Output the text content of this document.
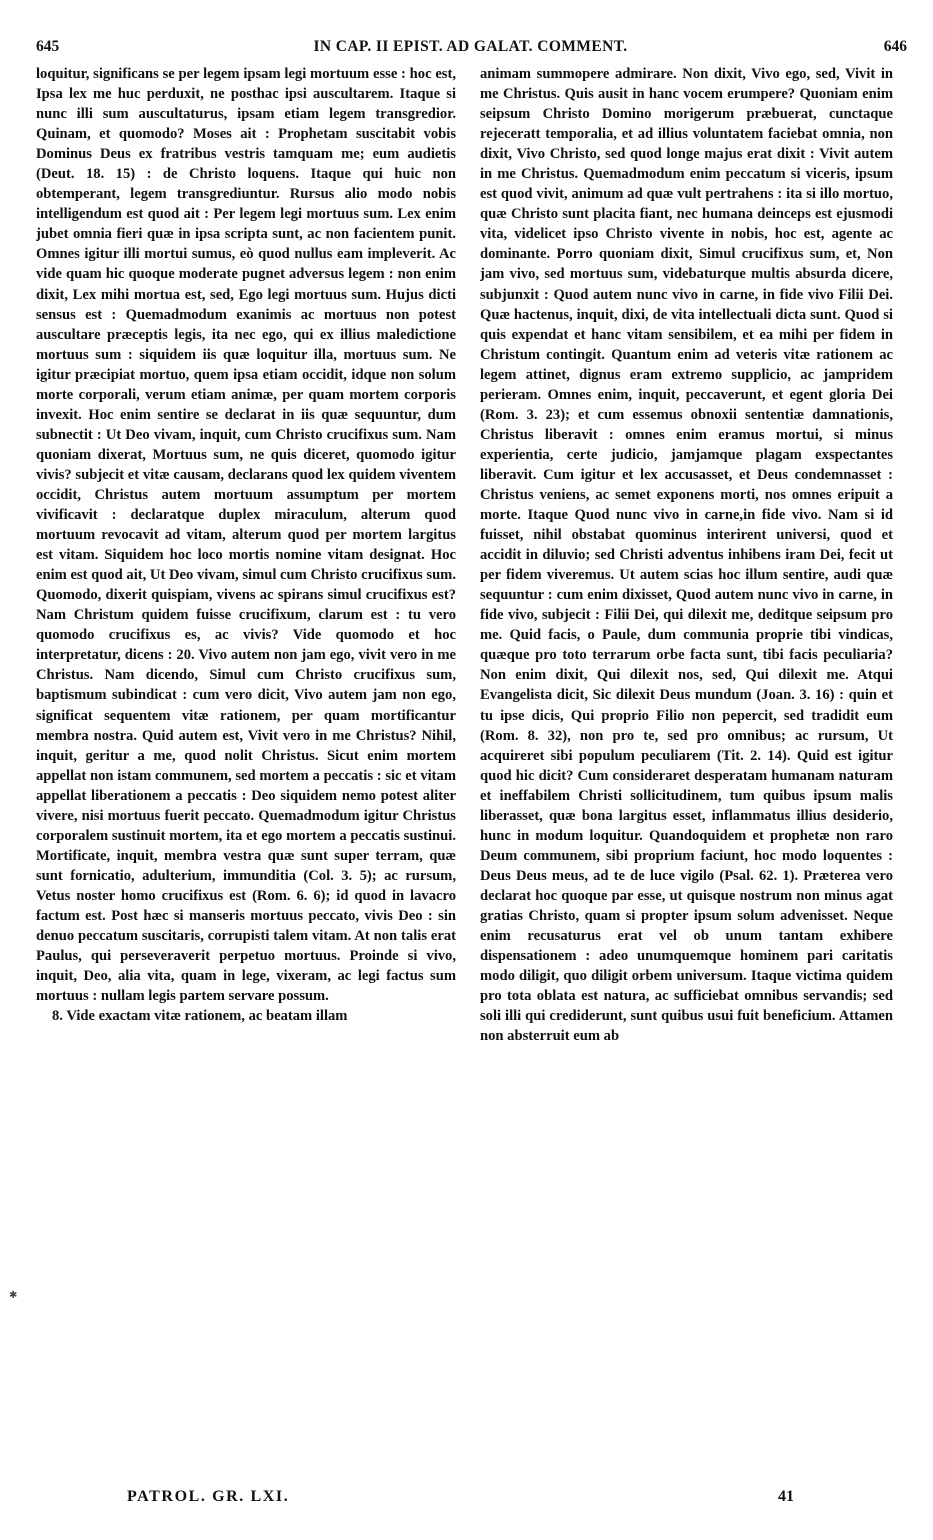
645	IN CAP. II EPIST. AD GALAT. COMMENT.	646

loquitur, significans se per legem ipsam legi mortuum esse : hoc est, Ipsa lex me huc perduxit, ne posthac ipsi auscultarem. Itaque si nunc illi sum auscultaturus, ipsam etiam legem transgredior. Quinam, et quomodo? Moses ait : Prophetam suscitabit vobis Dominus Deus ex fratribus vestris tamquam me; eum audietis (Deut. 18. 15) : de Christo loquens. Itaque qui huic non obtemperant, legem transgrediuntur. Rursus alio modo nobis intelligendum est quod ait : Per legem legi mortuus sum. Lex enim jubet omnia fieri quæ in ipsa scripta sunt, ac non facientem punit. Omnes igitur illi mortui sumus, eò quod nullus eam impleverit. Ac vide quam hic quoque moderate pugnet adversus legem : non enim dixit, Lex mihi mortua est, sed, Ego legi mortuus sum. Hujus dicti sensus est : Quemadmodum exanimis ac mortuus non potest auscultare præceptis legis, ita nec ego, qui ex illius maledictione mortuus sum : siquidem iis quæ loquitur illa, mortuus sum. Ne igitur præcipiat mortuo, quem ipsa etiam occidit, idque non solum morte corporali, verum etiam animæ, per quam mortem corporis invexit. Hoc enim sentire se declarat in iis quæ sequuntur, dum subnectit : Ut Deo vivam, inquit, cum Christo crucifixus sum. Nam quoniam dixerat, Mortuus sum, ne quis diceret, quomodo igitur vivis? subjecit et vitæ causam, declarans quod lex quidem viventem occidit, Christus autem mortuum assumptum per mortem vivificavit : declaratque duplex miraculum, alterum quod mortuum revocavit ad vitam, alterum quod per mortem largitus est vitam. Siquidem hoc loco mortis nomine vitam designat. Hoc enim est quod ait, Ut Deo vivam, simul cum Christo crucifixus sum. Quomodo, dixerit quispiam, vivens ac spirans simul crucifixus est? Nam Christum quidem fuisse crucifixum, clarum est : tu vero quomodo crucifixus es, ac vivis? Vide quomodo et hoc interpretatur, dicens : 20. Vivo autem non jam ego, vivit vero in me Christus. Nam dicendo, Simul cum Christo crucifixus sum, baptismum subindicat : cum vero dicit, Vivo autem jam non ego, significat sequentem vitæ rationem, per quam mortificantur membra nostra. Quid autem est, Vivit vero in me Christus? Nihil, inquit, geritur a me, quod nolit Christus. Sicut enim mortem appellat non istam communem, sed mortem a peccatis : sic et vitam appellat liberationem a peccatis : Deo siquidem nemo potest aliter vivere, nisi mortuus fuerit peccato. Quemadmodum igitur Christus corporalem sustinuit mortem, ita et ego mortem a peccatis sustinui. Mortificate, inquit, membra vestra quæ sunt super terram, quæ sunt fornicatio, adulterium, immunditia (Col. 3. 5); ac rursum, Vetus noster homo crucifixus est (Rom. 6. 6); id quod in lavacro factum est. Post hæc si manseris mortuus peccato, vivis Deo : sin denuo peccatum suscitaris, corrupisti talem vitam. At non talis erat Paulus, qui perseveraverit perpetuo mortuus. Proinde si vivo, inquit, Deo, alia vita, quam in lege, vixeram, ac legi factus sum mortuus : nullam legis partem servare possum.

8. Vide exactam vitæ rationem, ac beatam illam

animam summopere admirare. Non dixit, Vivo ego, sed, Vivit in me Christus. Quis ausit in hanc vocem erumpere? Quoniam enim seipsum Christo Domino morigerum præbuerat, cunctaque rejeceratt temporalia, et ad illius voluntatem faciebat omnia, non dixit, Vivo Christo, sed quod longe majus erat dixit : Vivit autem in me Christus. Quemadmodum enim peccatum si viceris, ipsum est quod vivit, animum ad quæ vult pertrahens : ita si illo mortuo, quæ Christo sunt placita fiant, nec humana deinceps est ejusmodi vita, videlicet ipso Christo vivente in nobis, hoc est, agente ac dominante. Porro quoniam dixit, Simul crucifixus sum, et, Non jam vivo, sed mortuus sum, videbaturque multis absurda dicere, subjunxit : Quod autem nunc vivo in carne, in fide vivo Filii Dei. Quæ hactenus, inquit, dixi, de vita intellectuali dicta sunt. Quod si quis expendat et hanc vitam sensibilem, et ea mihi per fidem in Christum contingit. Quantum enim ad veteris vitæ rationem ac legem attinet, dignus eram extremo supplicio, ac jampridem perieram. Omnes enim, inquit, peccaverunt, et egent gloria Dei (Rom. 3. 23); et cum essemus obnoxii sententiæ damnationis, Christus liberavit : omnes enim eramus mortui, si minus experientia, certe judicio, jamjamque plagam exspectantes liberavit. Cum igitur et lex accusasset, et Deus condemnasset : Christus veniens, ac semet exponens morti, nos omnes eripuit a morte. Itaque Quod nunc vivo in carne,in fide vivo. Nam si id fuisset, nihil obstabat quominus interirent universi, quod et accidit in diluvio; sed Christi adventus inhibens iram Dei, fecit ut per fidem viveremus. Ut autem scias hoc illum sentire, audi quæ sequuntur : cum enim dixisset, Quod autem nunc vivo in carne, in fide vivo, subjecit : Filii Dei, qui dilexit me, deditque seipsum pro me. Quid facis, o Paule, dum communia proprie tibi vindicas, quæque pro toto terrarum orbe facta sunt, tibi facis peculiaria? Non enim dixit, Qui dilexit nos, sed, Qui dilexit me. Atqui Evangelista dicit, Sic dilexit Deus mundum (Joan. 3. 16) : quin et tu ipse dicis, Qui proprio Filio non pepercit, sed tradidit eum (Rom. 8. 32), non pro te, sed pro omnibus; ac rursum, Ut acquireret sibi populum peculiarem (Tit. 2. 14). Quid est igitur quod hic dicit? Cum consideraret desperatam humanam naturam et ineffabilem Christi sollicitudinem, tum quibus ipsum malis liberasset, quæ bona largitus esset, inflammatus illius desiderio, hunc in modum loquitur. Quandoquidem et prophetæ non raro Deum communem, sibi proprium faciunt, hoc modo loquentes : Deus Deus meus, ad te de luce vigilo (Psal. 62. 1). Præterea vero declarat hoc quoque par esse, ut quisque nostrum non minus agat gratias Christo, quam si propter ipsum solum advenisset. Neque enim recusaturus erat vel ob unum tantam exhibere dispensationem : adeo unumquemque hominem pari caritatis modo diligit, quo diligit orbem universum. Itaque victima quidem pro tota oblata est natura, ac sufficiebat omnibus servandis; sed soli illi qui crediderunt, sunt quibus usui fuit beneficium. Attamen non absterruit eum ab

✱
PATROL. GR. LXI.	41
